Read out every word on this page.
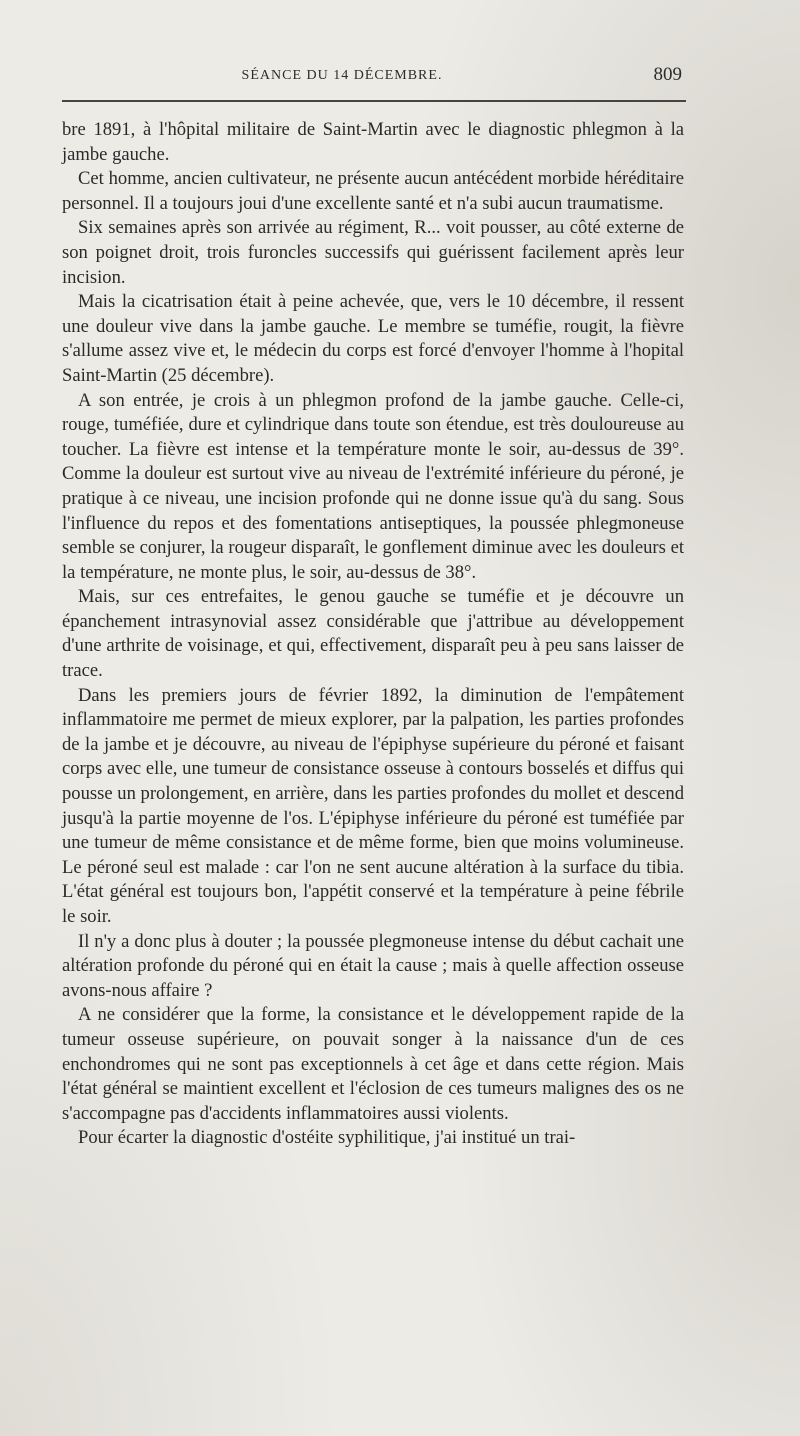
SÉANCE DU 14 DÉCEMBRE.	809

bre 1891, à l'hôpital militaire de Saint-Martin avec le diagnostic phlegmon à la jambe gauche.

Cet homme, ancien cultivateur, ne présente aucun antécédent morbide héréditaire personnel. Il a toujours joui d'une excellente santé et n'a subi aucun traumatisme.

Six semaines après son arrivée au régiment, R... voit pousser, au côté externe de son poignet droit, trois furoncles successifs qui guérissent facilement après leur incision.

Mais la cicatrisation était à peine achevée, que, vers le 10 décembre, il ressent une douleur vive dans la jambe gauche. Le membre se tuméfie, rougit, la fièvre s'allume assez vive et, le médecin du corps est forcé d'envoyer l'homme à l'hopital Saint-Martin (25 décembre).

A son entrée, je crois à un phlegmon profond de la jambe gauche. Celle-ci, rouge, tuméfiée, dure et cylindrique dans toute son étendue, est très douloureuse au toucher. La fièvre est intense et la température monte le soir, au-dessus de 39°. Comme la douleur est surtout vive au niveau de l'extrémité inférieure du péroné, je pratique à ce niveau, une incision profonde qui ne donne issue qu'à du sang. Sous l'influence du repos et des fomentations antiseptiques, la poussée phlegmoneuse semble se conjurer, la rougeur disparaît, le gonflement diminue avec les douleurs et la température, ne monte plus, le soir, au-dessus de 38°.

Mais, sur ces entrefaites, le genou gauche se tuméfie et je découvre un épanchement intrasynovial assez considérable que j'attribue au développement d'une arthrite de voisinage, et qui, effectivement, disparaît peu à peu sans laisser de trace.

Dans les premiers jours de février 1892, la diminution de l'empâtement inflammatoire me permet de mieux explorer, par la palpation, les parties profondes de la jambe et je découvre, au niveau de l'épiphyse supérieure du péroné et faisant corps avec elle, une tumeur de consistance osseuse à contours bosselés et diffus qui pousse un prolongement, en arrière, dans les parties profondes du mollet et descend jusqu'à la partie moyenne de l'os. L'épiphyse inférieure du péroné est tuméfiée par une tumeur de même consistance et de même forme, bien que moins volumineuse. Le péroné seul est malade : car l'on ne sent aucune altération à la surface du tibia. L'état général est toujours bon, l'appétit conservé et la température à peine fébrile le soir.

Il n'y a donc plus à douter ; la poussée plegmoneuse intense du début cachait une altération profonde du péroné qui en était la cause ; mais à quelle affection osseuse avons-nous affaire ?

A ne considérer que la forme, la consistance et le développement rapide de la tumeur osseuse supérieure, on pouvait songer à la naissance d'un de ces enchondromes qui ne sont pas exceptionnels à cet âge et dans cette région. Mais l'état général se maintient excellent et l'éclosion de ces tumeurs malignes des os ne s'accompagne pas d'accidents inflammatoires aussi violents.

Pour écarter la diagnostic d'ostéite syphilitique, j'ai institué un trai-
